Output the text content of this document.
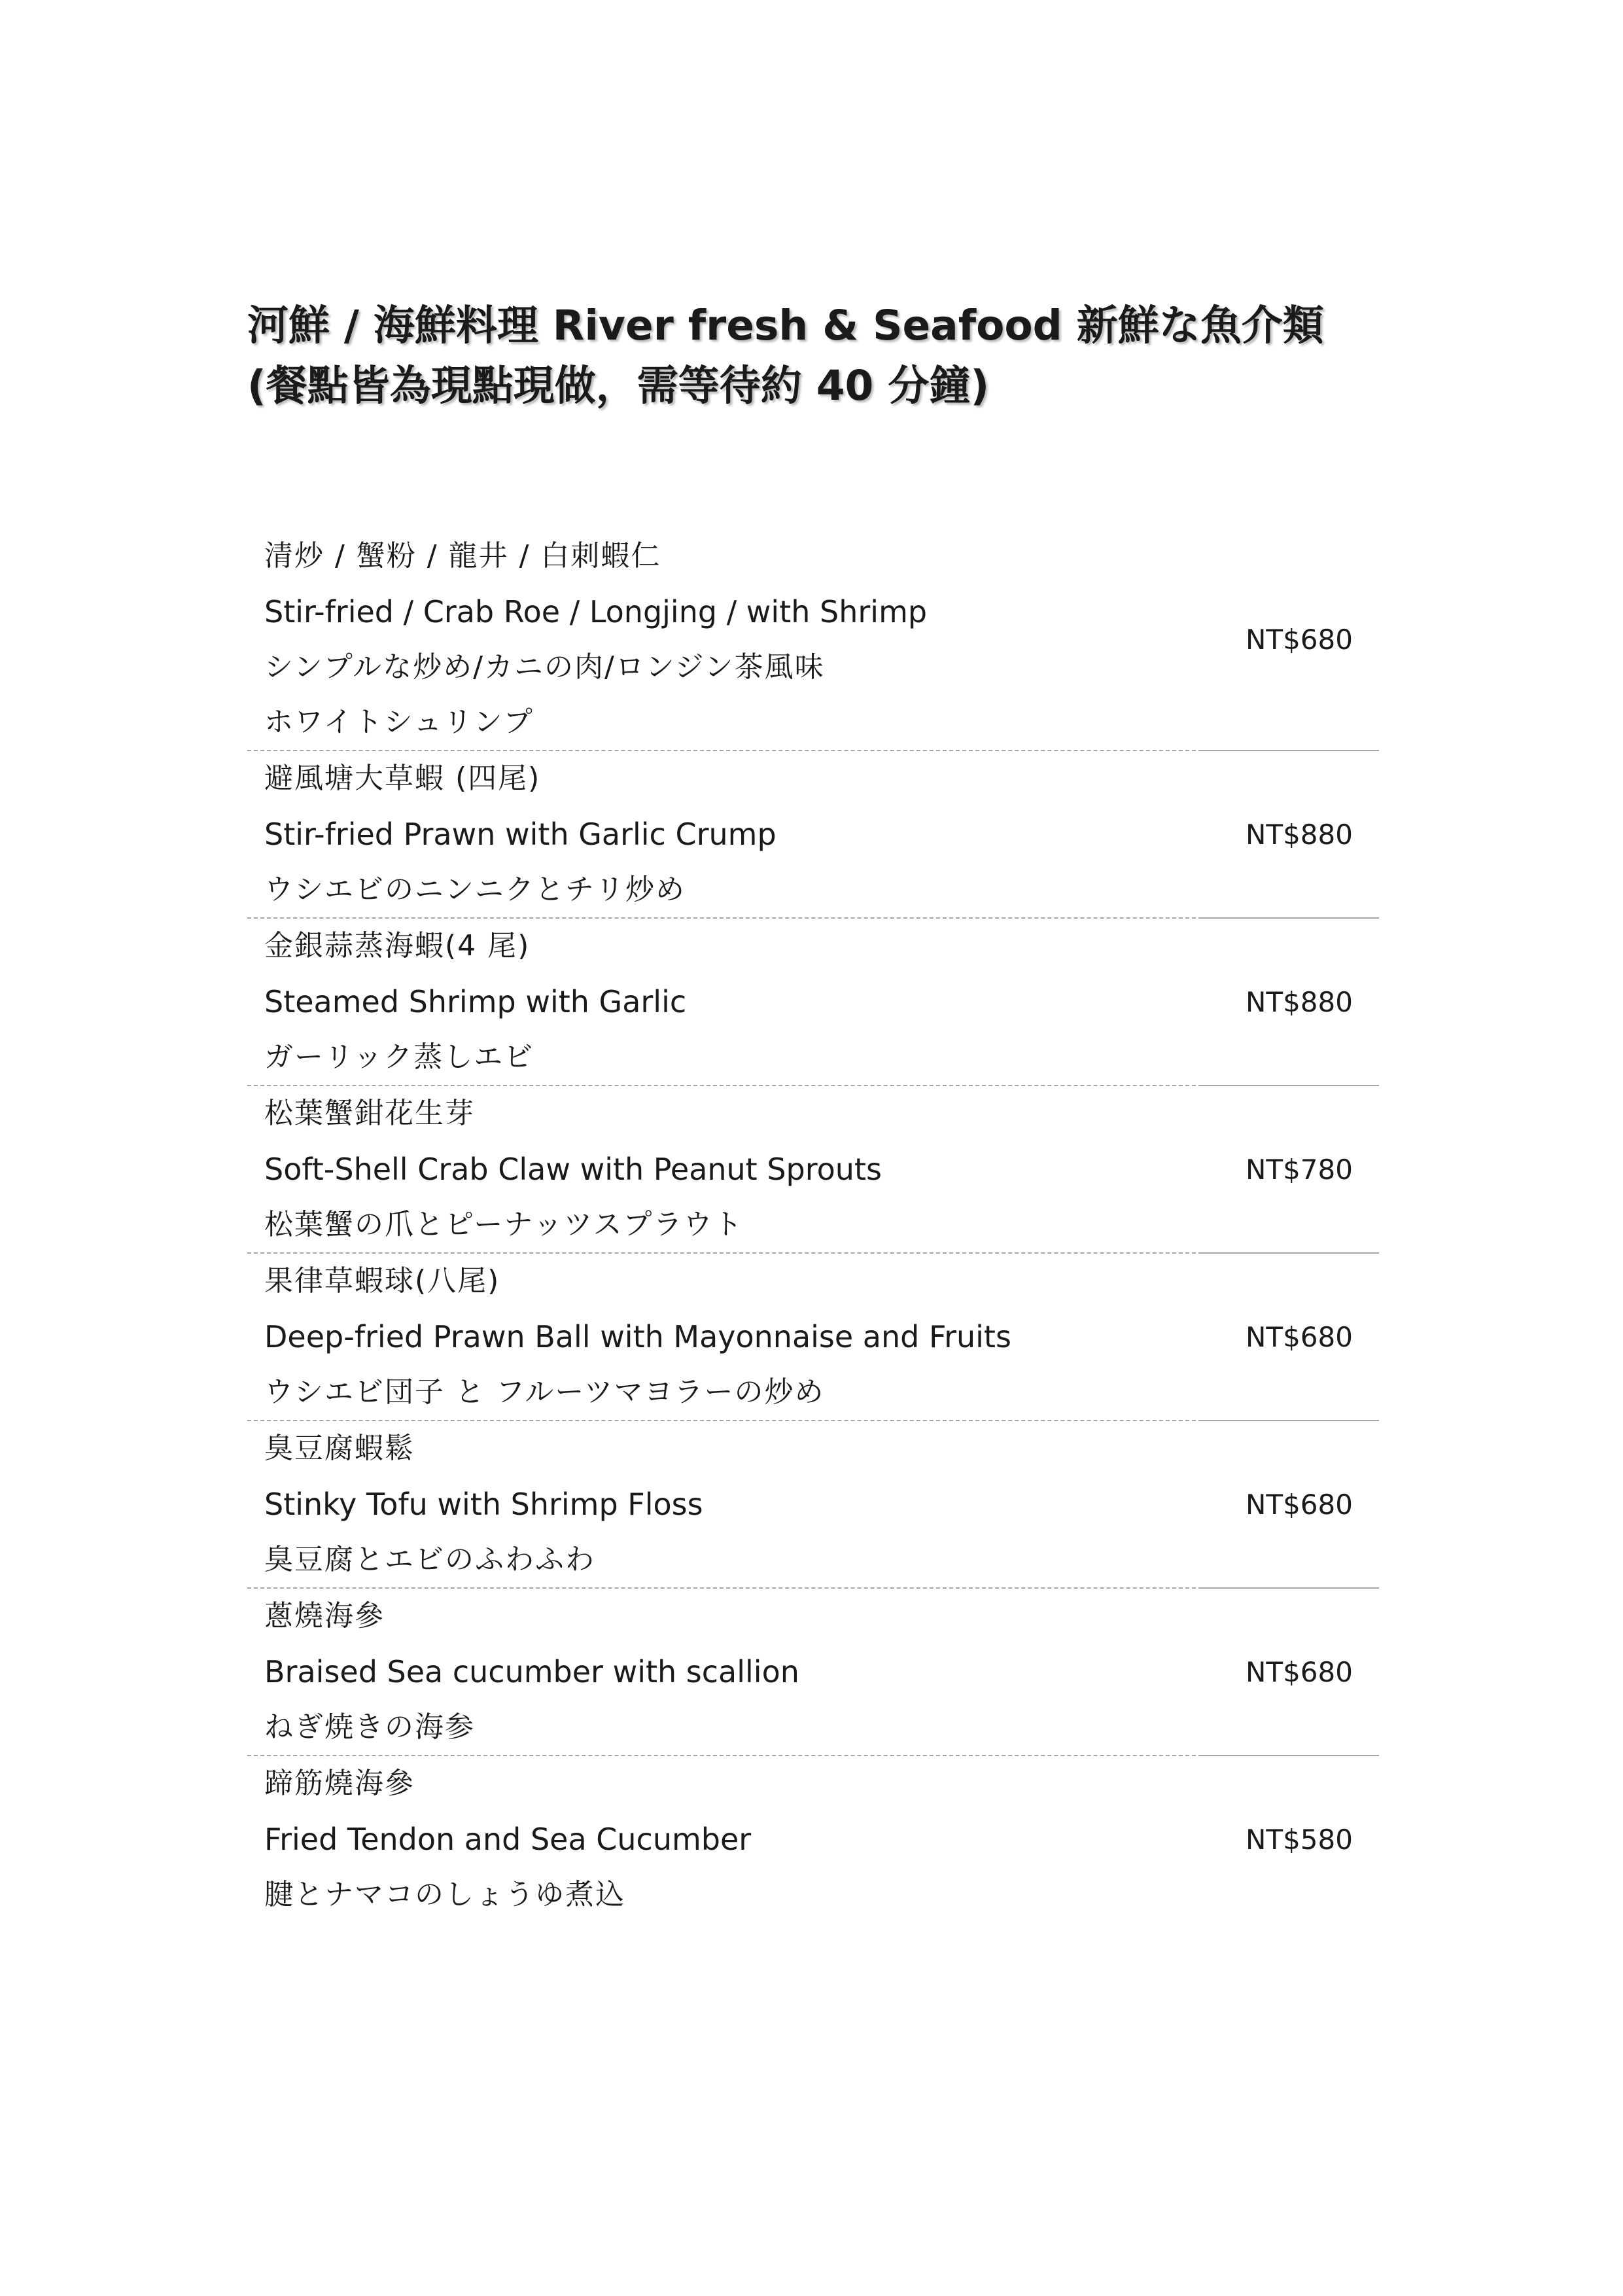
河鮮 / 海鮮料理 River fresh & Seafood 新鮮な魚介類
(餐點皆為現點現做，需等待約 40 分鐘)
清炒 / 蟹粉 / 龍井 / 白刺蝦仁
Stir-fried / Crab Roe / Longjing / with Shrimp
シンプルな炒め/カニの肉/ロンジン茶風味
ホワイトシュリンプ
NT$680
避風塘大草蝦 (四尾)
Stir-fried Prawn with Garlic Crump
ウシエビのニンニクとチリ炒め
NT$880
金銀蒜蒸海蝦(4 尾)
Steamed Shrimp with Garlic
ガーリック蒸しエビ
NT$880
松葉蟹鉗花生芽
Soft-Shell Crab Claw with Peanut Sprouts
松葉蟹の爪とピーナッツスプラウト
NT$780
果律草蝦球(八尾)
Deep-fried Prawn Ball with Mayonnaise and Fruits
ウシエビ団子 と フルーツマヨラーの炒め
NT$680
臭豆腐蝦鬆
Stinky Tofu with Shrimp Floss
臭豆腐とエビのふわふわ
NT$680
蔥燒海參
Braised Sea cucumber with scallion
ねぎ焼きの海参
NT$680
蹄筋燒海參
Fried Tendon and Sea Cucumber
腱とナマコのしょうゆ煮込
NT$580
